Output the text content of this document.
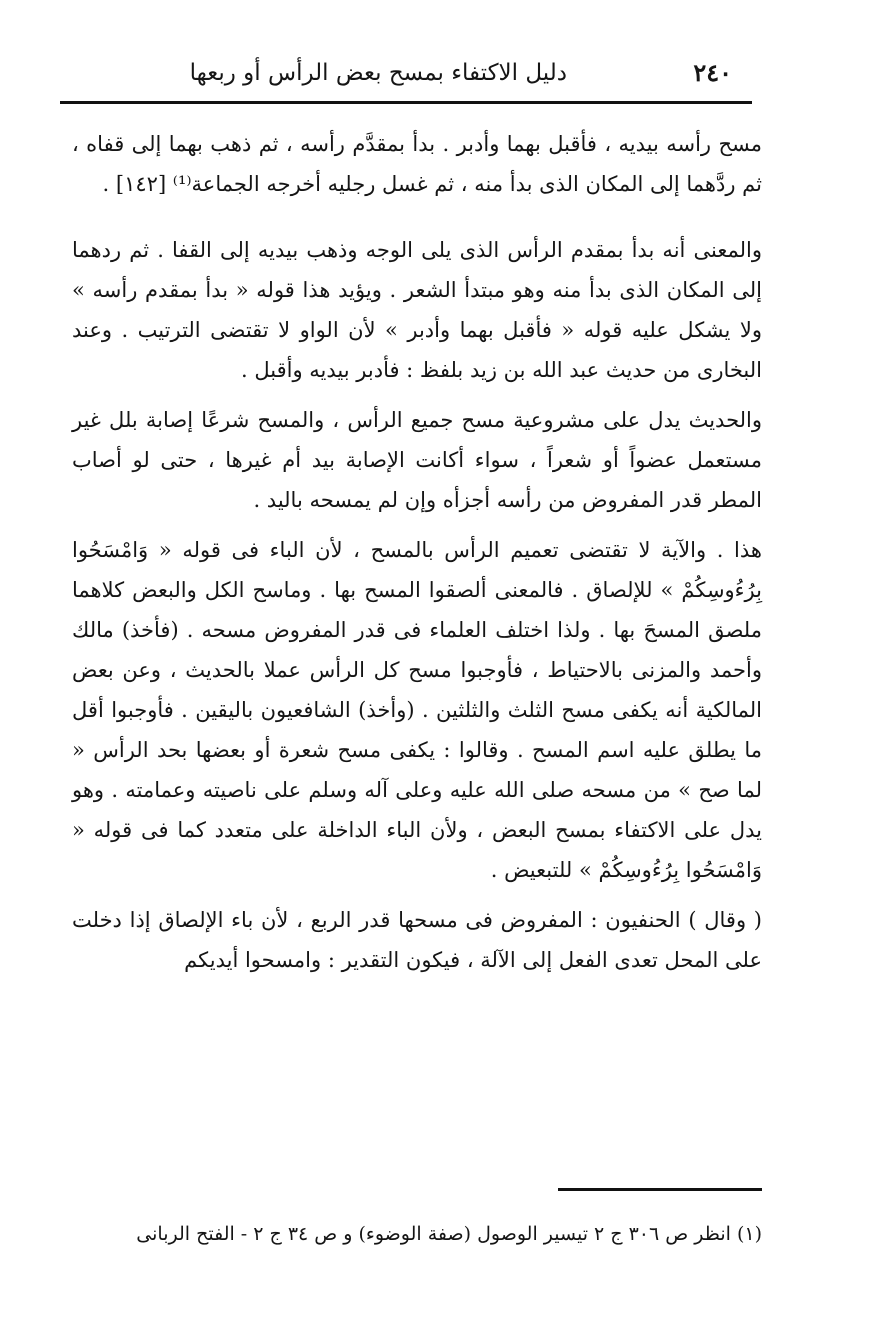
٢٤٠
دليل الاكتفاء بمسح بعض الرأس أو ربعها

مسح رأسه بيديه ، فأقبل بهما وأدبر . بدأ بمقدَّم رأسه ، ثم ذهب بهما إلى قفاه ، ثم ردَّهما إلى المكان الذى بدأ منه ، ثم غسل رجليه أخرجه الجماعة⁽¹⁾ [١٤٢] .

والمعنى أنه بدأ بمقدم الرأس الذى يلى الوجه وذهب بيديه إلى القفا . ثم ردهما إلى المكان الذى بدأ منه وهو مبتدأ الشعر . ويؤيد هذا قوله « بدأ بمقدم رأسه » ولا يشكل عليه قوله « فأقبل بهما وأدبر » لأن الواو لا تقتضى الترتيب . وعند البخارى من حديث عبد الله بن زيد بلفظ : فأدبر بيديه وأقبل .

والحديث يدل على مشروعية مسح جميع الرأس ، والمسح شرعًا إصابة بلل غير مستعمل عضواً أو شعراً ، سواء أكانت الإصابة بيد أم غيرها ، حتى لو أصاب المطر قدر المفروض من رأسه أجزأه وإن لم يمسحه باليد .

هذا . والآية لا تقتضى تعميم الرأس بالمسح ، لأن الباء فى قوله « وَامْسَحُوا بِرُءُوسِكُمْ » للإلصاق . فالمعنى ألصقوا المسح بها . وماسح الكل والبعض كلاهما ملصق المسحَ بها . ولذا اختلف العلماء فى قدر المفروض مسحه . (فأخذ) مالك وأحمد والمزنى بالاحتياط ، فأوجبوا مسح كل الرأس عملا بالحديث ، وعن بعض المالكية أنه يكفى مسح الثلث والثلثين . (وأخذ) الشافعيون باليقين . فأوجبوا أقل ما يطلق عليه اسم المسح . وقالوا : يكفى مسح شعرة أو بعضها بحد الرأس « لما صح » من مسحه صلى الله عليه وعلى آله وسلم على ناصيته وعمامته . وهو يدل على الاكتفاء بمسح البعض ، ولأن الباء الداخلة على متعدد كما فى قوله « وَامْسَحُوا بِرُءُوسِكُمْ » للتبعيض .

( وقال ) الحنفيون : المفروض فى مسحها قدر الربع ، لأن باء الإلصاق إذا دخلت على المحل تعدى الفعل إلى الآلة ، فيكون التقدير : وامسحوا أيديكم

(١) انظر ص ٣٠٦ ج ٢ تيسير الوصول (صفة الوضوء) و ص ٣٤ ج ٢ - الفتح الربانى
